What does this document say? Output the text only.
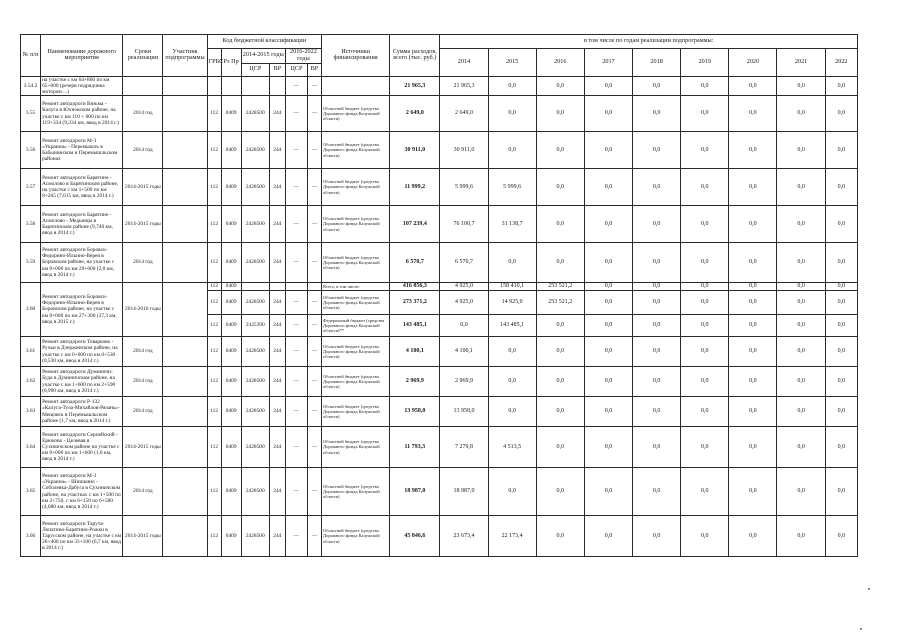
№ п/п	Наименование дорожного мероприятия	Сроки реализации	Участник подпрограммы	Код бюджетной классификации						Источники финансирования	Сумма расходов, всего (тыс. руб.)	в том числе по годам реализации подпрограммы:								
				ГРБС	Рз Пр	2014-2015 годы		2016-2022 годы				2014	2015	2016	2017	2018	2019	2020	2021	2022
						ЦСР	ВР	ЦСР	ВР											
3.54.2	на участке с км 64+860 по км 65+000 (резерв подрядчика мотором ...)							—	—		21 965,3	21 965,3	0,0	0,0	0,0	0,0	0,0	0,0	0,0	0,0
3.55	Ремонт автодороги Вязьма - Калуга в Юхновском районе, на участке с км 110 + 000 по км 119+334 (9,334 км, ввод в 2014 г.)	2014 год		112	0409	2428500	244	—	—	Областной бюджет (средства Дорожного фонда Калужской области)	2 649,0	2 649,0	0,0	0,0	0,0	0,0	0,0	0,0	0,0	0,0
3.56	Ремонт автодороги М-3 «Украина» - Перемышль в Бабынинском и Перемышльском районах	2014 год		112	0409	2428500	244	—	—	Областной бюджет (средства Дорожного фонда Калужской области)	30 911,0	30 911,0	0,0	0,0	0,0	0,0	0,0	0,0	0,0	0,0
3.57	Ремонт автодороги Барятино - Асмолово в Барятинском районе, на участке с км 1+500 по км 8+265 (7,615 км, ввод в 2014 г.)	2014-2015 годы		112	0409	2428500	244	—	—	Областной бюджет (средства Дорожного фонда Калужской области)	11 999,2	5 999,6	5 999,6	0,0	0,0	0,0	0,0	0,0	0,0	0,0
3.58	Ремонт автодороги Барятино - Асмолово - Медынцы в Барятинском районе (9,740 км, ввод в 2014 г.)	2014-2015 годы		112	0409	2428500	244	—	—	Областной бюджет (средства Дорожного фонда Калужской области)	107 239,4	76 100,7	31 138,7	0,0	0,0	0,0	0,0	0,0	0,0	0,0
3.59	Ремонт автодороги Боровск-Федорино-Ильино-Верея в Боровском районе, на участке с км 0+000 по км 29+600 (2,0 км, ввод в 2014 г.)	2014 год		112	0409	2428500	244	—	—	Областной бюджет (средства Дорожного фонда Калужской области)	6 570,7	6 570,7	0,0	0,0	0,0	0,0	0,0	0,0	0,0	0,0
3.60	Ремонт автодороги Боровск-Федорино-Ильино-Верея в Боровском районе, на участке с км 0+000 по км 27+300 (37,3 км, ввод в 2015 г.)	2014-2016 годы		112	0409					Всего, в том числе:	416 856,3	4 925,0	158 410,1	253 521,2	0,0	0,0	0,0	0,0	0,0	0,0
				112	0409	2428500	244	—	—	Областной бюджет (средства Дорожного фонда Калужской области)	273 371,2	4 925,0	14 925,0	253 521,2	0,0	0,0	0,0	0,0	0,0	0,0
				112	0409	2425390	244	—	—	Федеральный бюджет (средства Дорожного фонда Калужской области)**	143 485,1	0,0	143 485,1	0,0	0,0	0,0	0,0	0,0	0,0	0,0
3.61	Ремонт автодороги Товарково - Ручьи в Дзержинском районе, на участке с км 0+000 по км 0+530 (0,530 км, ввод в 2014 г.)	2014 год		112	0409	2428500	244	—	—	Областной бюджет (средства Дорожного фонда Калужской области)	4 100,1	4 100,1	0,0	0,0	0,0	0,0	0,0	0,0	0,0	0,0
3.62	Ремонт автодороги Думиничи-Буда в Думиничском районе, на участке с км 1+600 по км 2+590 (0,990 км, ввод в 2014 г.)	2014 год		112	0409	2428500	244	—	—	Областной бюджет (средства Дорожного фонда Калужской области)	2 969,9	2 969,9	0,0	0,0	0,0	0,0	0,0	0,0	0,0	0,0
3.63	Ремонт автодороги Р-132 «Калуга-Тула-Михайлов-Рязань»-Мещовск в Перемышльском районе (1,7 км, ввод в 2014 г.)	2014 год		112	0409	2428500	244	—	—	Областной бюджет (средства Дорожного фонда Калужской области)	13 958,0	13 958,0	0,0	0,0	0,0	0,0	0,0	0,0	0,0	0,0
3.64	Ремонт автодороги Серпейский - Ерюково - Целевая в Сухиничском районе на участке с км 0+000 по км 1+600 (1,6 км, ввод в 2014 г.)	2014-2015 годы		112	0409	2428500	244	—	—	Областной бюджет (средства Дорожного фонда Калужской области)	11 793,3	7 279,8	4 513,5	0,0	0,0	0,0	0,0	0,0	0,0	0,0
3.65	Ремонт автодороги М-3 «Украина» - Шишкино - Соболевка-Дабуга в Сухиничском районе, на участках с км 1+500 по км 2+750, с км 6+150 по 6+580 (4,080 км, ввод в 2014 г.)	2014 год		112	0409	2428500	244	—	—	Областной бюджет (средства Дорожного фонда Калужской области)	18 987,0	18 987,0	0,0	0,0	0,0	0,0	0,0	0,0	0,0	0,0
3.66	Ремонт автодороги Тарута-Лопатино-Барятино-Рожки в Тарусском районе, на участке с км 26+400 по км 33+100 (6,7 км, ввод в 2014 г.)	2014-2015 годы		112	0409	2428500	244	—	—	Областной бюджет (средства Дорожного фонда Калужской области)	45 846,6	23 673,4	22 173,4	0,0	0,0	0,0	0,0	0,0	0,0	0,0
